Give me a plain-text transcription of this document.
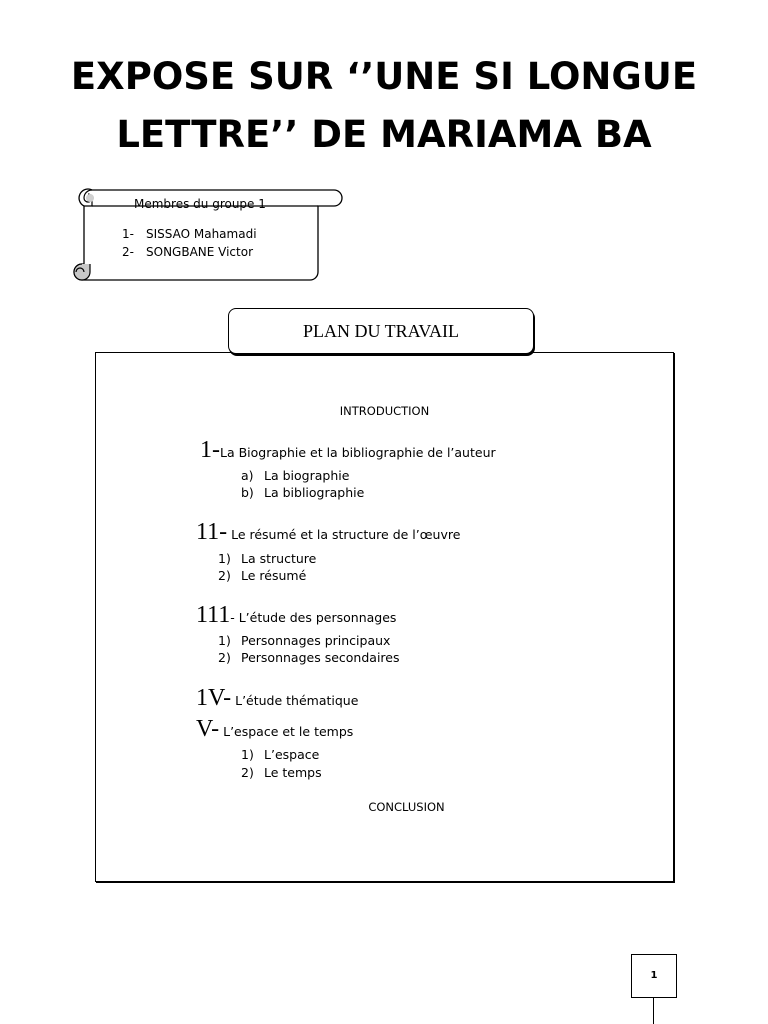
EXPOSE SUR ‘’UNE SI LONGUE
LETTRE’’ DE MARIAMA BA
Membres du groupe 1
1- SISSAO Mahamadi
2- SONGBANE Victor
PLAN DU TRAVAIL
INTRODUCTION
1-La Biographie et la bibliographie de l’auteur
a) La biographie
b) La bibliographie
11- Le résumé et la structure de l’œuvre
1) La structure
2) Le résumé
111- L’étude des personnages
1) Personnages principaux
2) Personnages secondaires
1V- L’étude thématique
V- L’espace et le temps
1) L’espace
2) Le temps
CONCLUSION
1
